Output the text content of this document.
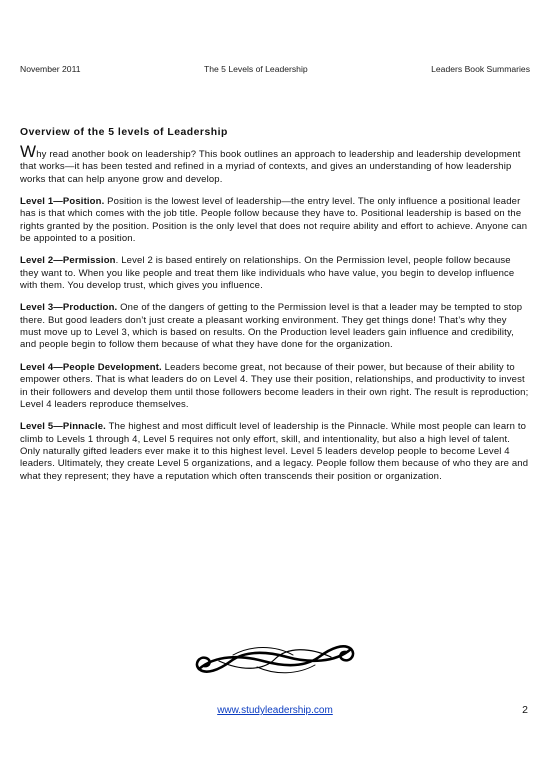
November 2011	The 5 Levels of Leadership	Leaders Book Summaries
Overview of the 5 levels of Leadership

Why read another book on leadership? This book outlines an approach to leadership and leadership development that works—it has been tested and refined in a myriad of contexts, and gives an understanding of how leadership works that can help anyone grow and develop.

Level 1—Position. Position is the lowest level of leadership—the entry level. The only influence a positional leader has is that which comes with the job title. People follow because they have to. Positional leadership is based on the rights granted by the position. Position is the only level that does not require ability and effort to achieve. Anyone can be appointed to a position.

Level 2—Permission. Level 2 is based entirely on relationships. On the Permission level, people follow because they want to. When you like people and treat them like individuals who have value, you begin to develop influence with them. You develop trust, which gives you influence.

Level 3—Production. One of the dangers of getting to the Permission level is that a leader may be tempted to stop there. But good leaders don’t just create a pleasant working environment. They get things done! That’s why they must move up to Level 3, which is based on results. On the Production level leaders gain influence and credibility, and people begin to follow them because of what they have done for the organization.

Level 4—People Development. Leaders become great, not because of their power, but because of their ability to empower others. That is what leaders do on Level 4. They use their position, relationships, and productivity to invest in their followers and develop them until those followers become leaders in their own right. The result is reproduction; Level 4 leaders reproduce themselves.

Level 5—Pinnacle. The highest and most difficult level of leadership is the Pinnacle. While most people can learn to climb to Levels 1 through 4, Level 5 requires not only effort, skill, and intentionality, but also a high level of talent. Only naturally gifted leaders ever make it to this highest level. Level 5 leaders develop people to become Level 4 leaders. Ultimately, they create Level 5 organizations, and a legacy. People follow them because of who they are and what they represent; they have a reputation which often transcends their position or organization.

www.studyleadership.com	2
